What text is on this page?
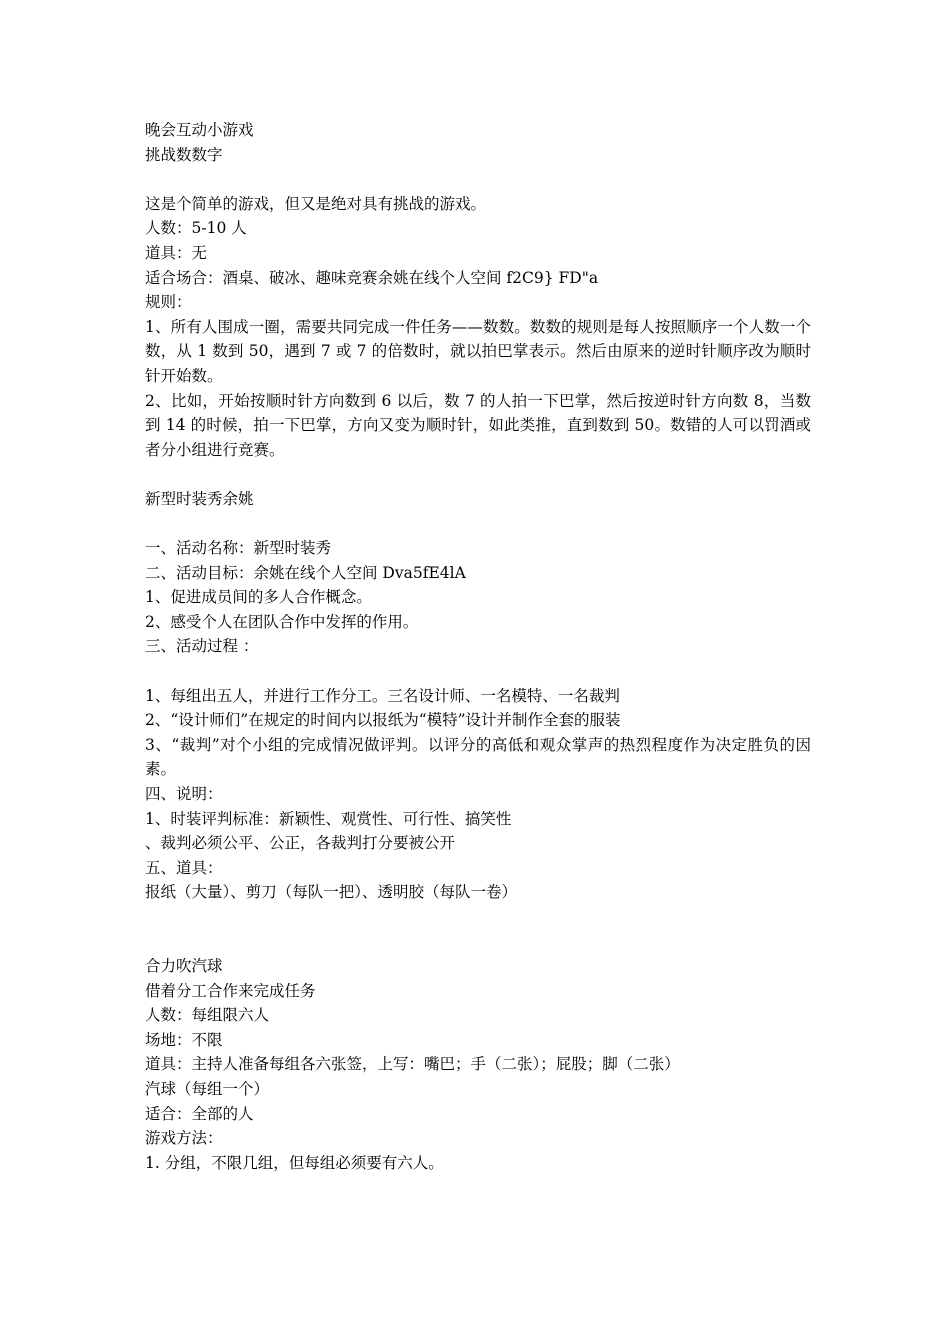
晚会互动小游戏
挑战数数字
这是个简单的游戏，但又是绝对具有挑战的游戏。
人数：5-10 人
道具：无
适合场合：酒桌、破冰、趣味竞赛余姚在线个人空间 f2C9} FD"a
规则：
1、所有人围成一圈，需要共同完成一件任务——数数。数数的规则是每人按照顺序一个人数一个数，从 1 数到 50，遇到 7 或 7 的倍数时，就以拍巴掌表示。然后由原来的逆时针顺序改为顺时针开始数。
2、比如，开始按顺时针方向数到 6 以后，数 7 的人拍一下巴掌，然后按逆时针方向数 8，当数到 14 的时候，拍一下巴掌，方向又变为顺时针，如此类推，直到数到 50。数错的人可以罚酒或者分小组进行竞赛。
新型时装秀余姚
一、活动名称：新型时装秀
二、活动目标：余姚在线个人空间 Dva5fE4lA
1、促进成员间的多人合作概念。
2、感受个人在团队合作中发挥的作用。
三、活动过程 ：
1、每组出五人，并进行工作分工。三名设计师、一名模特、一名裁判
2、“设计师们”在规定的时间内以报纸为“模特”设计并制作全套的服装
3、“裁判”对个小组的完成情况做评判。以评分的高低和观众掌声的热烈程度作为决定胜负的因素。
四、说明：
1、时装评判标准：新颖性、观赏性、可行性、搞笑性
、裁判必须公平、公正，各裁判打分要被公开
五、道具：
报纸（大量）、剪刀（每队一把）、透明胶（每队一卷）
合力吹汽球
借着分工合作来完成任务
人数：每组限六人
场地：不限
道具：主持人准备每组各六张签，上写：嘴巴；手（二张）；屁股；脚（二张）
汽球（每组一个）
适合：全部的人
游戏方法：
1. 分组，不限几组，但每组必须要有六人。
